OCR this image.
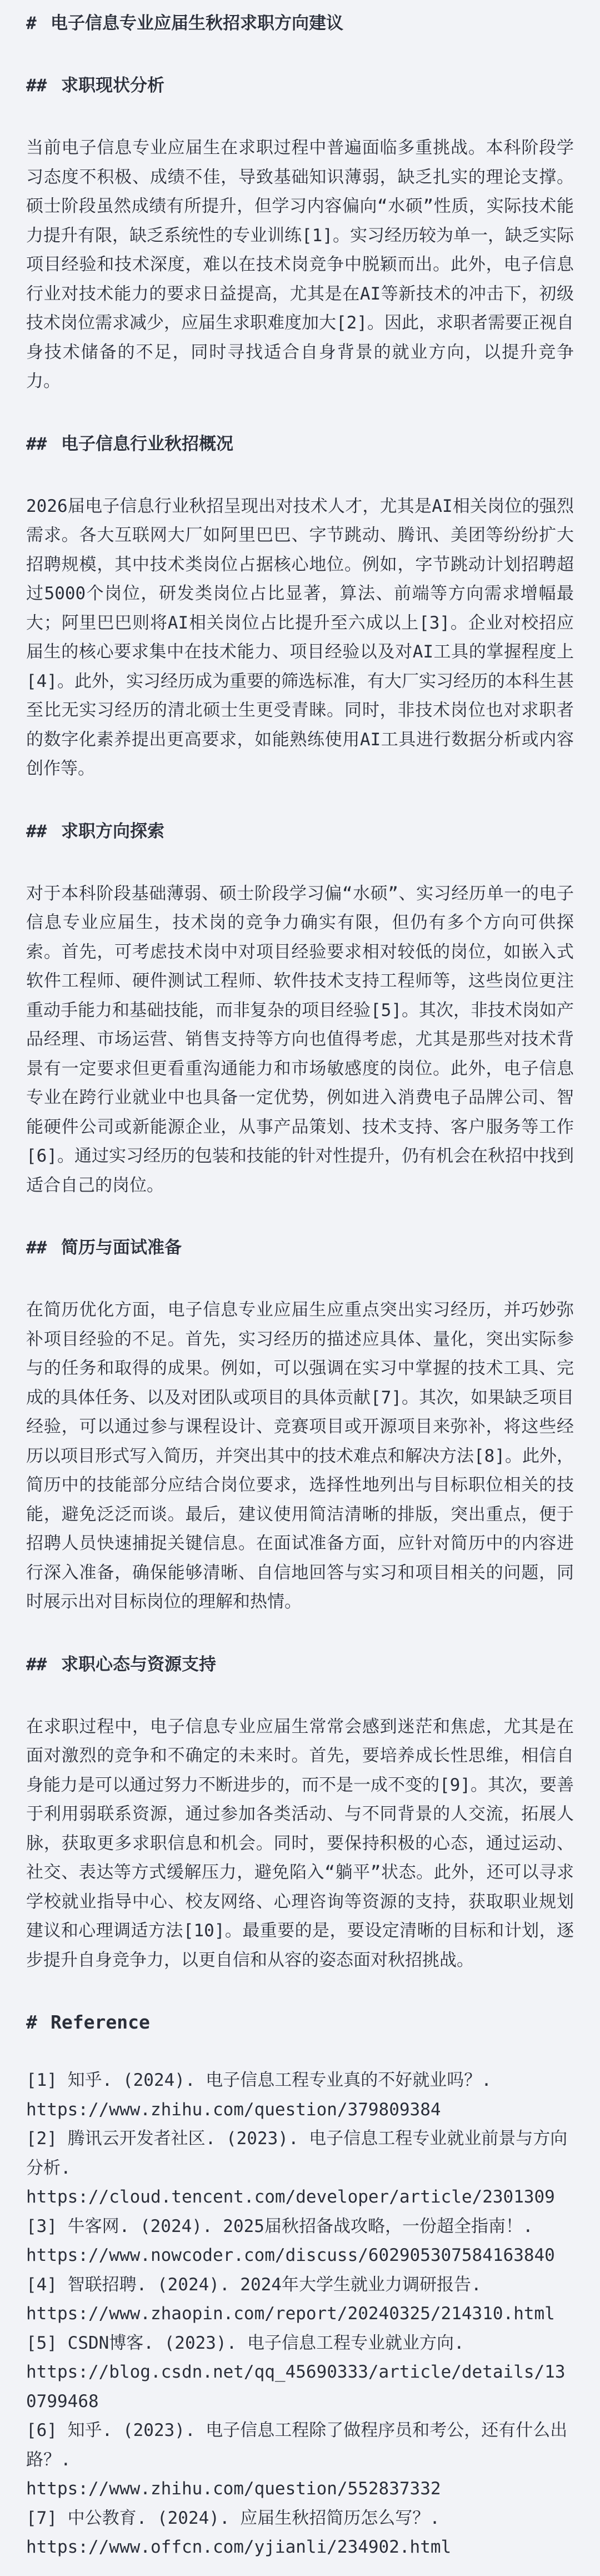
# 电子信息专业应届生秋招求职方向建议
## 求职现状分析

当前电子信息专业应届生在求职过程中普遍面临多重挑战。本科阶段学习态度不积极、成绩不佳，导致基础知识薄弱，缺乏扎实的理论支撑。硕士阶段虽然成绩有所提升，但学习内容偏向“水硕”性质，实际技术能力提升有限，缺乏系统性的专业训练[1]。实习经历较为单一，缺乏实际项目经验和技术深度，难以在技术岗竞争中脱颖而出。此外，电子信息行业对技术能力的要求日益提高，尤其是在AI等新技术的冲击下，初级技术岗位需求减少，应届生求职难度加大[2]。因此，求职者需要正视自身技术储备的不足，同时寻找适合自身背景的就业方向，以提升竞争力。

## 电子信息行业秋招概况

2026届电子信息行业秋招呈现出对技术人才，尤其是AI相关岗位的强烈需求。各大互联网大厂如阿里巴巴、字节跳动、腾讯、美团等纷纷扩大招聘规模，其中技术类岗位占据核心地位。例如，字节跳动计划招聘超过5000个岗位，研发类岗位占比显著，算法、前端等方向需求增幅最大；阿里巴巴则将AI相关岗位占比提升至六成以上[3]。企业对校招应届生的核心要求集中在技术能力、项目经验以及对AI工具的掌握程度上[4]。此外，实习经历成为重要的筛选标准，有大厂实习经历的本科生甚至比无实习经历的清北硕士生更受青睐。同时，非技术岗位也对求职者的数字化素养提出更高要求，如能熟练使用AI工具进行数据分析或内容创作等。

## 求职方向探索

对于本科阶段基础薄弱、硕士阶段学习偏“水硕”、实习经历单一的电子信息专业应届生，技术岗的竞争力确实有限，但仍有多个方向可供探索。首先，可考虑技术岗中对项目经验要求相对较低的岗位，如嵌入式软件工程师、硬件测试工程师、软件技术支持工程师等，这些岗位更注重动手能力和基础技能，而非复杂的项目经验[5]。其次，非技术岗如产品经理、市场运营、销售支持等方向也值得考虑，尤其是那些对技术背景有一定要求但更看重沟通能力和市场敏感度的岗位。此外，电子信息专业在跨行业就业中也具备一定优势，例如进入消费电子品牌公司、智能硬件公司或新能源企业，从事产品策划、技术支持、客户服务等工作[6]。通过实习经历的包装和技能的针对性提升，仍有机会在秋招中找到适合自己的岗位。

## 简历与面试准备

在简历优化方面，电子信息专业应届生应重点突出实习经历，并巧妙弥补项目经验的不足。首先，实习经历的描述应具体、量化，突出实际参与的任务和取得的成果。例如，可以强调在实习中掌握的技术工具、完成的具体任务、以及对团队或项目的具体贡献[7]。其次，如果缺乏项目经验，可以通过参与课程设计、竞赛项目或开源项目来弥补，将这些经历以项目形式写入简历，并突出其中的技术难点和解决方法[8]。此外，简历中的技能部分应结合岗位要求，选择性地列出与目标职位相关的技能，避免泛泛而谈。最后，建议使用简洁清晰的排版，突出重点，便于招聘人员快速捕捉关键信息。在面试准备方面，应针对简历中的内容进行深入准备，确保能够清晰、自信地回答与实习和项目相关的问题，同时展示出对目标岗位的理解和热情。

## 求职心态与资源支持

在求职过程中，电子信息专业应届生常常会感到迷茫和焦虑，尤其是在面对激烈的竞争和不确定的未来时。首先，要培养成长性思维，相信自身能力是可以通过努力不断进步的，而不是一成不变的[9]。其次，要善于利用弱联系资源，通过参加各类活动、与不同背景的人交流，拓展人脉，获取更多求职信息和机会。同时，要保持积极的心态，通过运动、社交、表达等方式缓解压力，避免陷入“躺平”状态。此外，还可以寻求学校就业指导中心、校友网络、心理咨询等资源的支持，获取职业规划建议和心理调适方法[10]。最重要的是，要设定清晰的目标和计划，逐步提升自身竞争力，以更自信和从容的姿态面对秋招挑战。

# Reference
[1] 知乎. (2024). 电子信息工程专业真的不好就业吗？.
https://www.zhihu.com/question/379809384
[2] 腾讯云开发者社区. (2023). 电子信息工程专业就业前景与方向分析.
https://cloud.tencent.com/developer/article/2301309
[3] 牛客网. (2024). 2025届秋招备战攻略，一份超全指南！.
https://www.nowcoder.com/discuss/602905307584163840
[4] 智联招聘. (2024). 2024年大学生就业力调研报告.
https://www.zhaopin.com/report/20240325/214310.html
[5] CSDN博客. (2023). 电子信息工程专业就业方向.
https://blog.csdn.net/qq_45690333/article/details/130799468
[6] 知乎. (2023). 电子信息工程除了做程序员和考公，还有什么出路？.
https://www.zhihu.com/question/552837332
[7] 中公教育. (2024). 应届生秋招简历怎么写？.
https://www.offcn.com/yjianli/234902.html
